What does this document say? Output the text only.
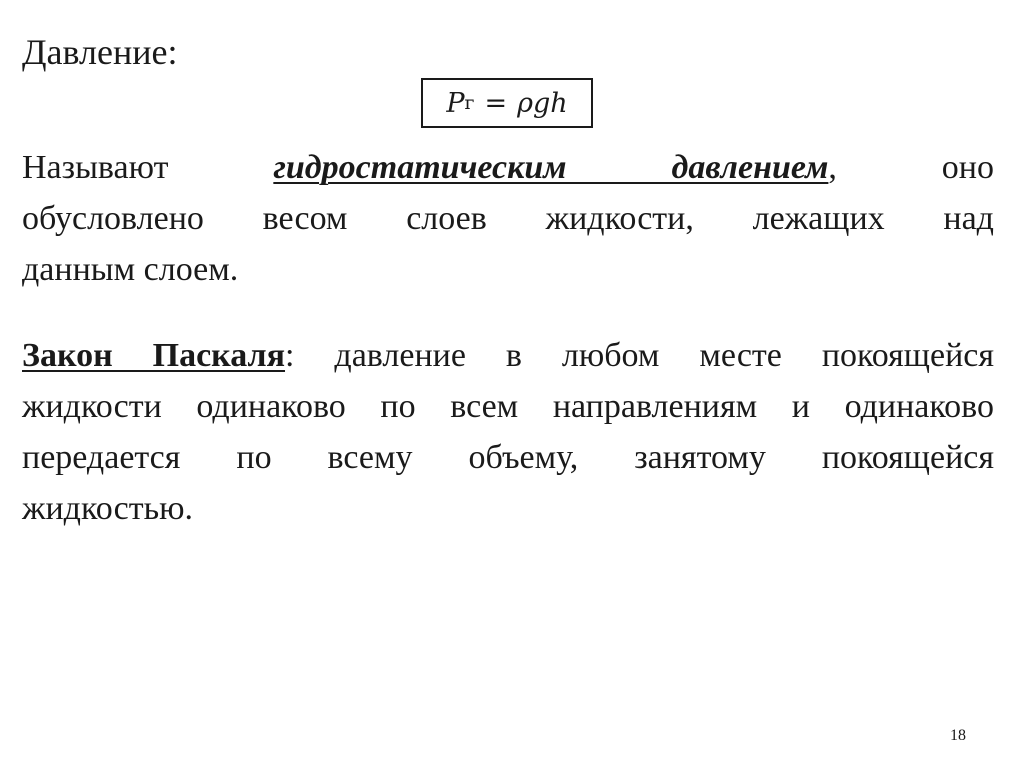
Давление:

P г = ρgh

Называют	гидростатическим давлением, оно
обусловлено весом слоев жидкости, лежащих над
данным слоем.

Закон Паскаля: давление в любом месте покоящейся
жидкости одинаково по всем направлениям и одинаково
передается по всему объему, занятому покоящейся
жидкостью.

18
